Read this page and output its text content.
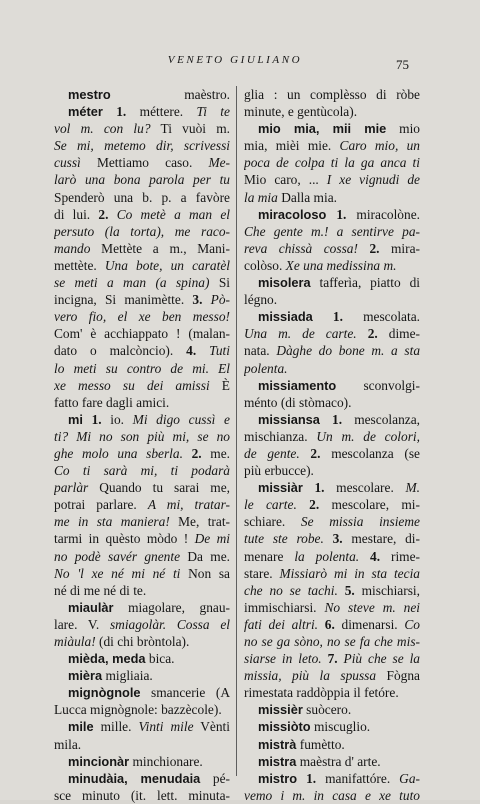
VENETO GIULIANO	75
mestro maèstro.
méter 1. méttere. Ti te
vol m. con lu? Ti vuòi m.
Se mi, metemo dir, scrivessi
cussì Mettiamo caso. Me-
larò una bona parola per tu
Spenderò una b. p. a favòre
di lui. 2. Co metè a man el
persuto (la torta), me raco-
mando Mettète a m., Mani-
mettète. Una bote, un caratèl
se meti a man (a spina) Si
incigna, Si manimètte. 3. Pò-
vero fio, el xe ben messo!
Com' è acchiappato ! (malan-
dato o malcòncio). 4. Tuti
lo meti su contro de mi. El
xe messo su dei amissi È
fatto fare dagli amici.
mi 1. io. Mi digo cussì e
ti? Mi no son più mi, se no
ghe molo una sberla. 2. me.
Co ti sarà mi, ti podarà
parlàr Quando tu sarai me,
potrai parlare. A mi, tratar-
me in sta maniera! Me, trat-
tarmi in quèsto mòdo ! De mi
no podè savér gnente Da me.
No 'l xe né mi né ti Non sa
né di me né di te.
miaulàr miagolare, gnau-
lare. V. smiagolàr. Cossa el
miàula! (di chi bròntola).
mièda, meda bica.
mièra migliaia.
mignògnole smancerie (A
Lucca mignògnole: bazzècole).
mile mille. Vinti mile Vènti
mila.
mincionàr minchionare.
minudàia, menudaia pé-
sce minuto (it. lett. minuta-
glia : un complèsso di ròbe
minute, e gentùcola).
mio mia, mii mie mio
mia, mièi mie. Caro mio, un
poca de colpa ti la ga anca ti
Mio caro, ... I xe vignudi de
la mia Dalla mia.
miracoloso 1. miracolòne.
Che gente m.! a sentirve pa-
reva chissà cossa! 2. mira-
colòso. Xe una medissina m.
misolera tafferìa, piatto di
légno.
missiada 1. mescolata.
Una m. de carte. 2. dime-
nata. Dàghe do bone m. a sta
polenta.
missiamento sconvolgi-
ménto (di stòmaco).
missiansa 1. mescolanza,
mischianza. Un m. de colori,
de gente. 2. mescolanza (se
più erbucce).
missiàr 1. mescolare. M.
le carte. 2. mescolare, mi-
schiare. Se missia insieme
tute ste robe. 3. mestare, di-
menare la polenta. 4. rime-
stare. Missiarò mi in sta tecia
che no se tachi. 5. mischiarsi,
immischiarsi. No steve m. nei
fati dei altri. 6. dimenarsi. Co
no se ga sòno, no se fa che mis-
siarse in leto. 7. Più che se la
missia, più la spussa Fògna
rimestata raddòppia il fetóre.
missièr suòcero.
missiòto miscuglio.
mistrà fumètto.
mistra maèstra d' arte.
mistro 1. manifattóre. Ga-
vemo i m. in casa e xe tuto
